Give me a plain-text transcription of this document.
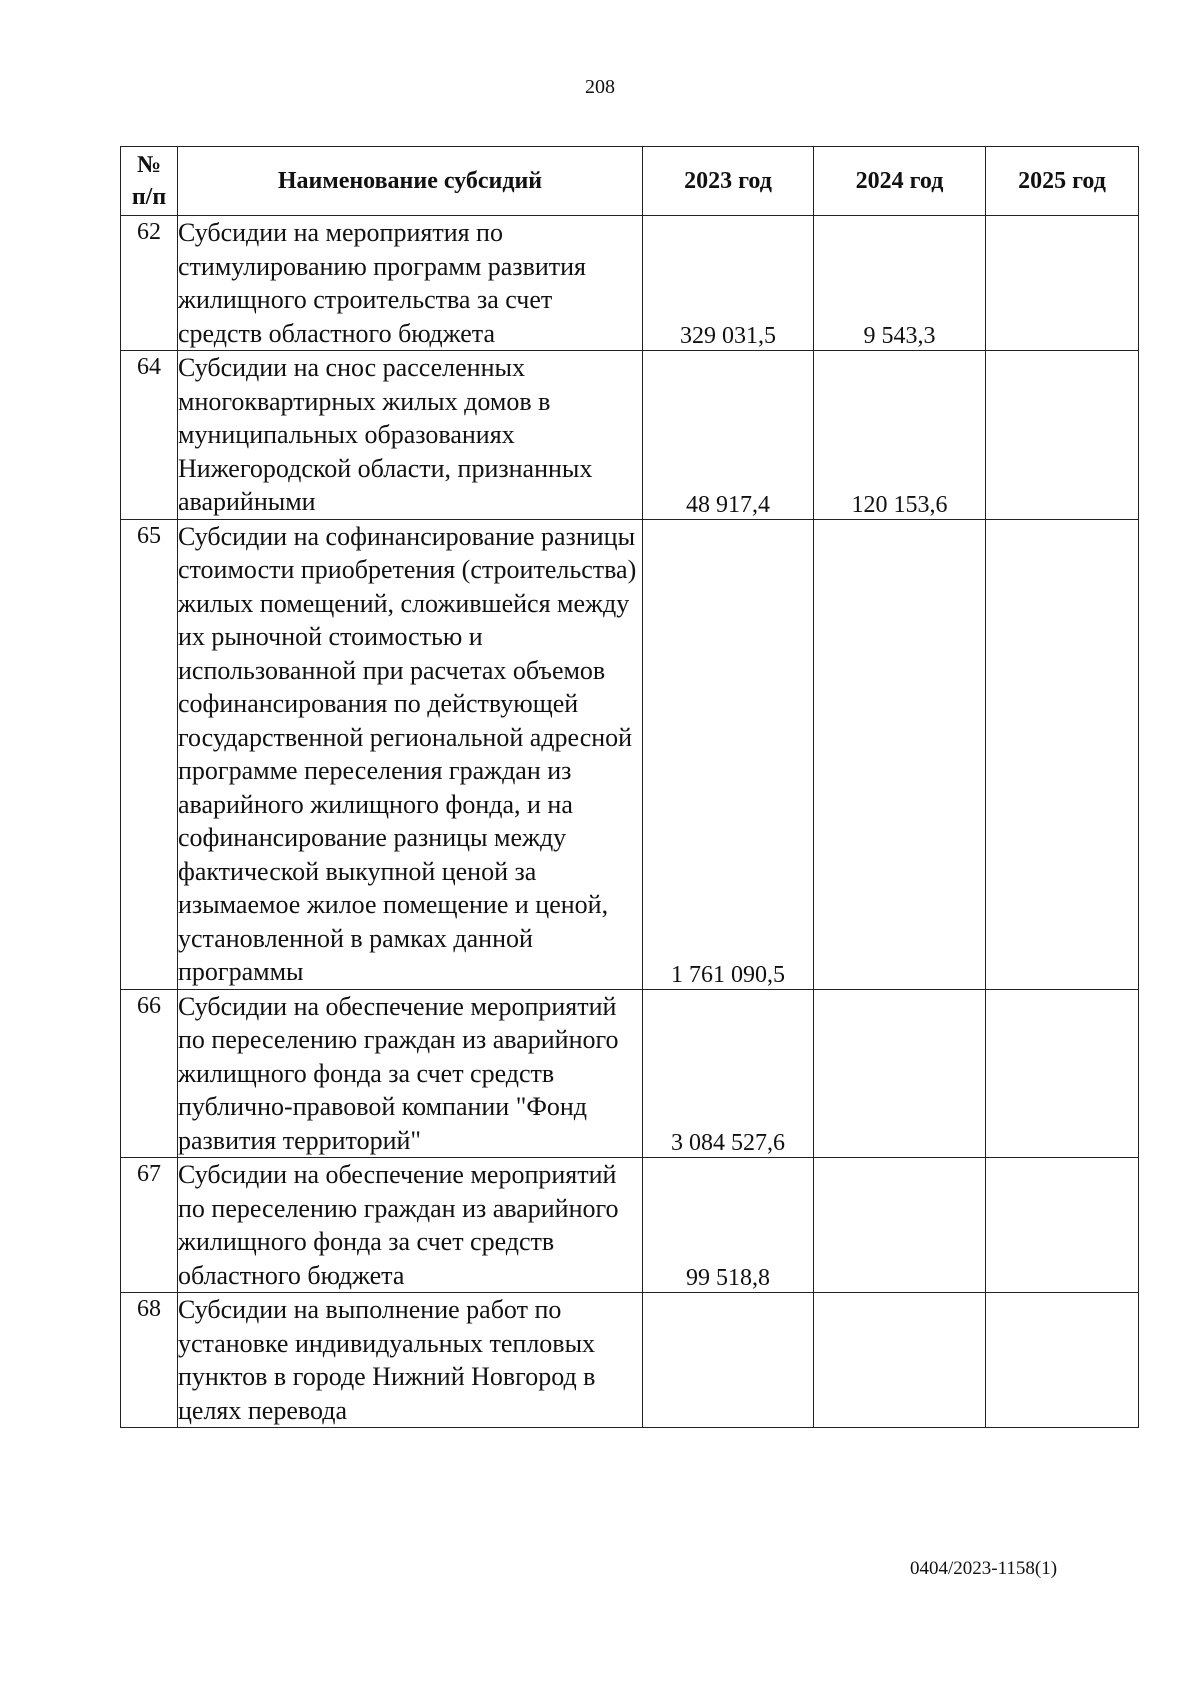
208
№
п/п	Наименование субсидий	2023 год	2024 год	2025 год
62	Субсидии на мероприятия по стимулированию программ развития жилищного строительства за счет средств областного бюджета	329 031,5	9 543,3	
64	Субсидии на снос расселенных многоквартирных жилых домов в муниципальных образованиях Нижегородской области, признанных аварийными	48 917,4	120 153,6	
65	Субсидии на софинансирование разницы стоимости приобретения (строительства) жилых помещений, сложившейся между их рыночной стоимостью и использованной при расчетах объемов софинансирования по действующей государственной региональной адресной программе переселения граждан из аварийного жилищного фонда, и на софинансирование разницы между фактической выкупной ценой за изымаемое жилое помещение и ценой, установленной в рамках данной программы	1 761 090,5		
66	Субсидии на обеспечение мероприятий по переселению граждан из аварийного жилищного фонда за счет средств публично-правовой компании "Фонд развития территорий"	3 084 527,6		
67	Субсидии на обеспечение мероприятий по переселению граждан из аварийного жилищного фонда за счет средств областного бюджета	99 518,8		
68	Субсидии на выполнение работ по установке индивидуальных тепловых пунктов в городе Нижний Новгород в целях перевода			
0404/2023-1158(1)
